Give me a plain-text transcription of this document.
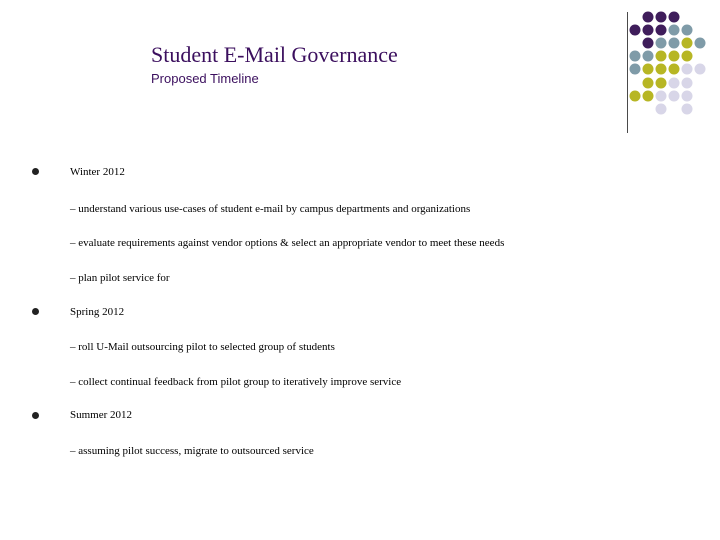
Student E-Mail Governance
Proposed Timeline
Winter 2012
– understand various use-cases of student e-mail by campus departments and organizations
– evaluate requirements against vendor options & select an appropriate vendor to meet these needs
– plan pilot service for
Spring 2012
– roll U-Mail outsourcing pilot to selected group of students
– collect continual feedback from pilot group to iteratively improve service
Summer 2012
– assuming pilot success, migrate to outsourced service
